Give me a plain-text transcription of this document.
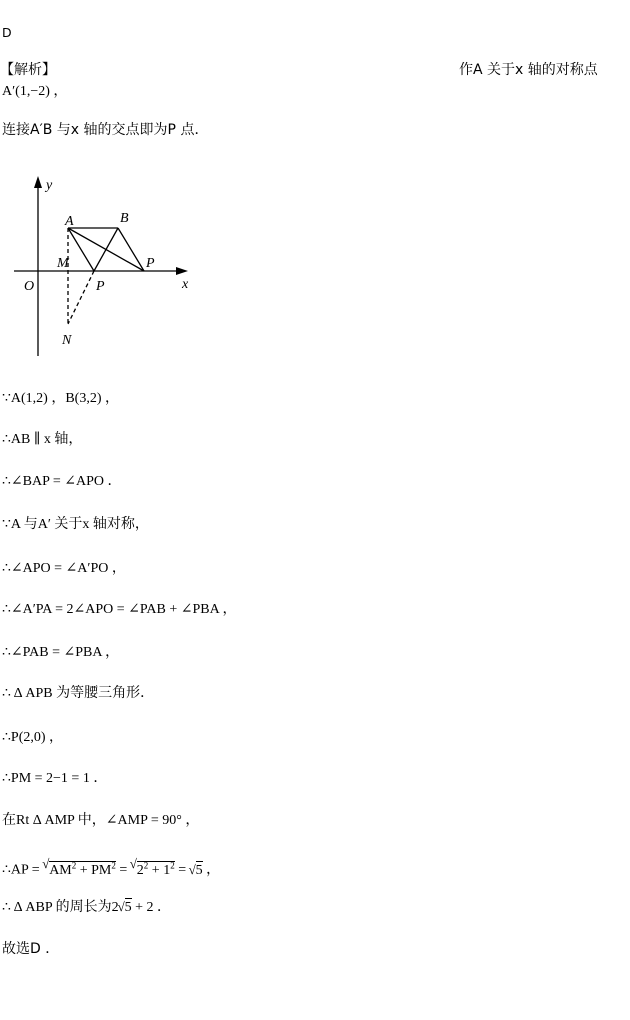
D
【解析】	作A 关于x 轴的对称点
A′(1,−2) ，
连接A′B 与x 轴的交点即为P 点．
y
x
O
A	B
M	P
P
N
∵A(1,2) ，B(3,2) ，
∴AB ∥ x 轴，
∴∠BAP = ∠APO ．
∵A 与A′ 关于x 轴对称，
∴∠APO = ∠A′PO ，
∴∠A′PA = 2∠APO = ∠PAB + ∠PBA ，
∴∠PAB = ∠PBA ，
∴ Δ APB 为等腰三角形．
∴P(2,0) ，
∴PM = 2−1 = 1 ．
在Rt Δ AMP 中，∠AMP = 90° ，
∴AP = √ $AM^2 + PM^2$ = √ $2^2 + 1^2$ = √ 5 ，
∴ Δ ABP 的周长为2√ 5 + 2 ．
故选D ．
